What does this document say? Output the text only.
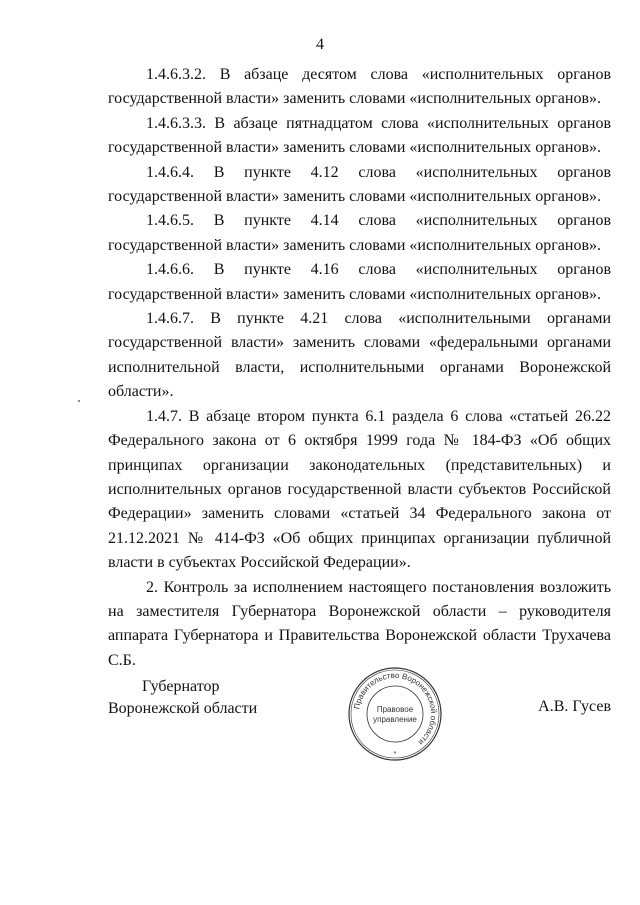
4

1.4.6.3.2. В абзаце десятом слова «исполнительных органов государственной власти» заменить словами «исполнительных органов».

1.4.6.3.3. В абзаце пятнадцатом слова «исполнительных органов государственной власти» заменить словами «исполнительных органов».

1.4.6.4. В пункте 4.12 слова «исполнительных органов государственной власти» заменить словами «исполнительных органов».

1.4.6.5. В пункте 4.14 слова «исполнительных органов государственной власти» заменить словами «исполнительных органов».

1.4.6.6. В пункте 4.16 слова «исполнительных органов государственной власти» заменить словами «исполнительных органов».

1.4.6.7. В пункте 4.21 слова «исполнительными органами государственной власти» заменить словами «федеральными органами исполнительной власти, исполнительными органами Воронежской области».

1.4.7. В абзаце втором пункта 6.1 раздела 6 слова «статьей 26.22 Федерального закона от 6 октября 1999 года № 184-ФЗ «Об общих принципах организации законодательных (представительных) и исполнительных органов государственной власти субъектов Российской Федерации» заменить словами «статьей 34 Федерального закона от 21.12.2021 № 414-ФЗ «Об общих принципах организации публичной власти в субъектах Российской Федерации».

2. Контроль за исполнением настоящего постановления возложить на заместителя Губернатора Воронежской области – руководителя аппарата Губернатора и Правительства Воронежской области Трухачева С.Б.

Губернатор
Воронежской области	Правительство Воронежской области
Правовое
управление
*
А.В. Гусев
